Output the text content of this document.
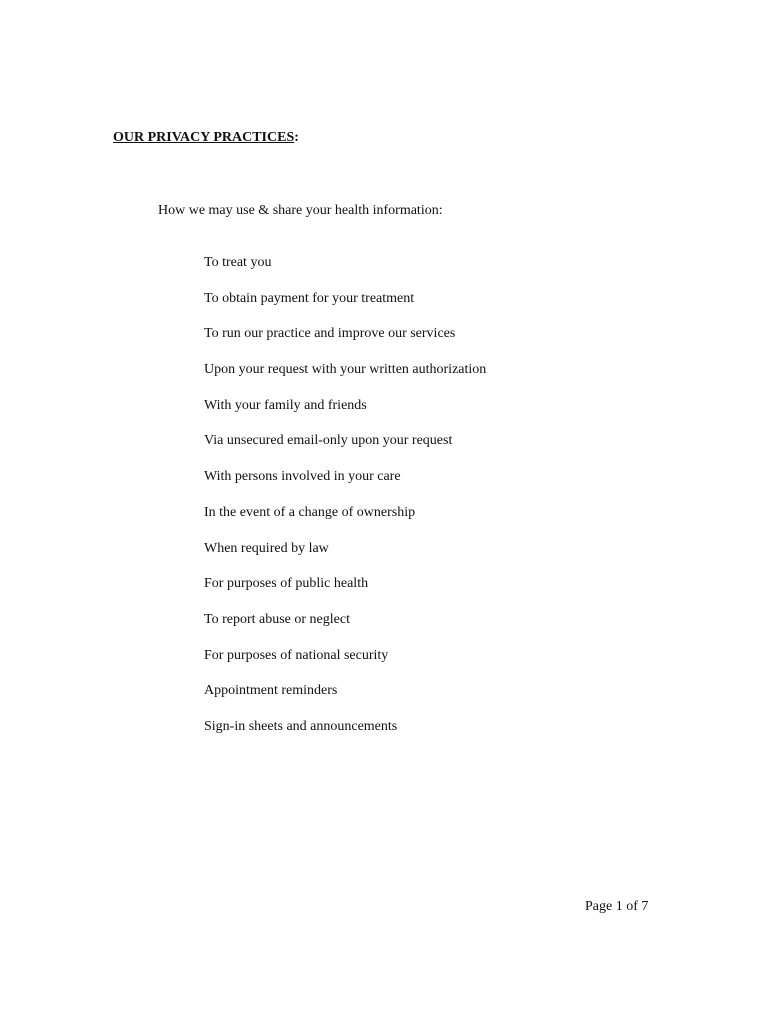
OUR PRIVACY PRACTICES:
How we may use & share your health information:
To treat you
To obtain payment for your treatment
To run our practice and improve our services
Upon your request with your written authorization
With your family and friends
Via unsecured email-only upon your request
With persons involved in your care
In the event of a change of ownership
When required by law
For purposes of public health
To report abuse or neglect
For purposes of national security
Appointment reminders
Sign-in sheets and announcements
Page 1 of 7
